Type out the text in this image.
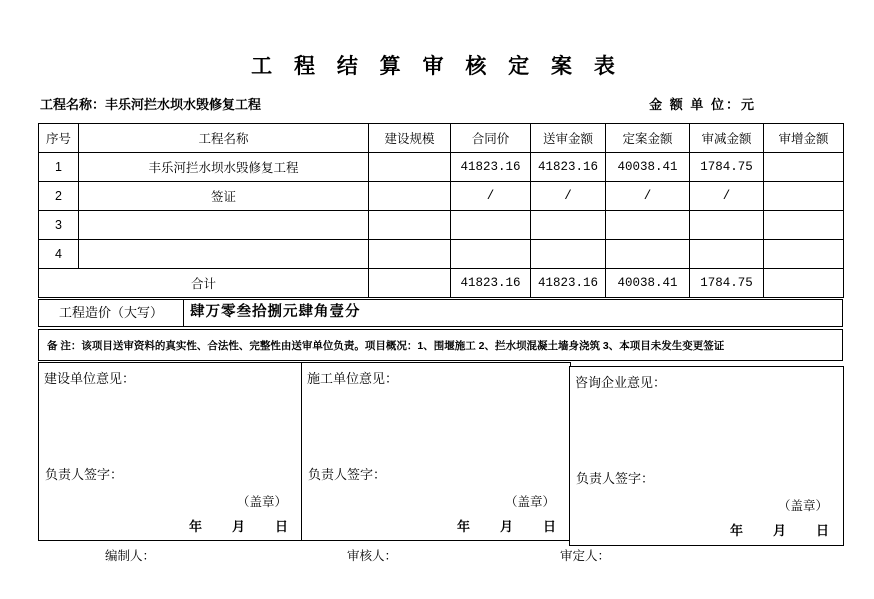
工 程 结 算 审 核 定 案 表
工程名称：丰乐河拦水坝水毁修复工程	金 额 单 位：元
序号	工程名称	建设规模	合同价	送审金额	定案金额	审减金额	审增金额
1	丰乐河拦水坝水毁修复工程		41823.16	41823.16	40038.41	1784.75	
2	签证		/	/	/	/	
3							
4							
合计			41823.16	41823.16	40038.41	1784.75	
工程造价（大写）	肆万零叁拾捌元肆角壹分
备 注：该项目送审资料的真实性、合法性、完整性由送审单位负责。项目概况：1、围堰施工 2、拦水坝混凝土墙身浇筑 3、本项目未发生变更签证
建设单位意见：
负责人签字：
（盖章）
年 月 日
施工单位意见：
负责人签字：
（盖章）
年 月 日
咨询企业意见：
负责人签字：
（盖章）
年 月 日
编制人：	审核人：	审定人：
